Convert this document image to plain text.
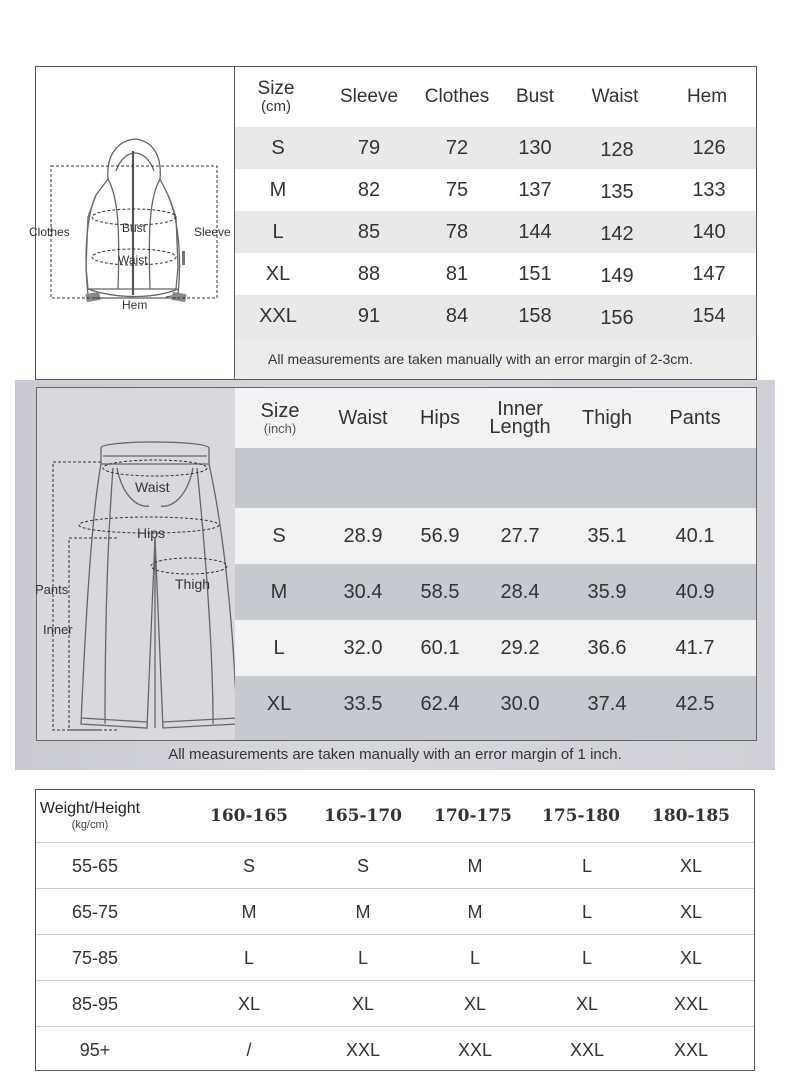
Clothes	Bust	Sleeve
Waist
Hem
Size
(cm)	Sleeve	Clothes	Bust	Waist	Hem
S	79	72	130	128	126
M	82	75	137	135	133
L	85	78	144	142	140
XL	88	81	151	149	147
XXL	91	84	158	156	154
All measurements are taken manually with an error margin of 2-3cm.
Waist
Hips
Thigh
Pants
Inner
Size
(inch)	Waist	Hips	Inner Length	Thigh	Pants
S	28.9	56.9	27.7	35.1	40.1
M	30.4	58.5	28.4	35.9	40.9
L	32.0	60.1	29.2	36.6	41.7
XL	33.5	62.4	30.0	37.4	42.5
All measurements are taken manually with an error margin of 1 inch.
Weight/Height
(kg/cm)	160-165	165-170	170-175	175-180	180-185
55-65	S	S	M	L	XL
65-75	M	M	M	L	XL
75-85	L	L	L	L	XL
85-95	XL	XL	XL	XL	XXL
95+	/	XXL	XXL	XXL	XXL
